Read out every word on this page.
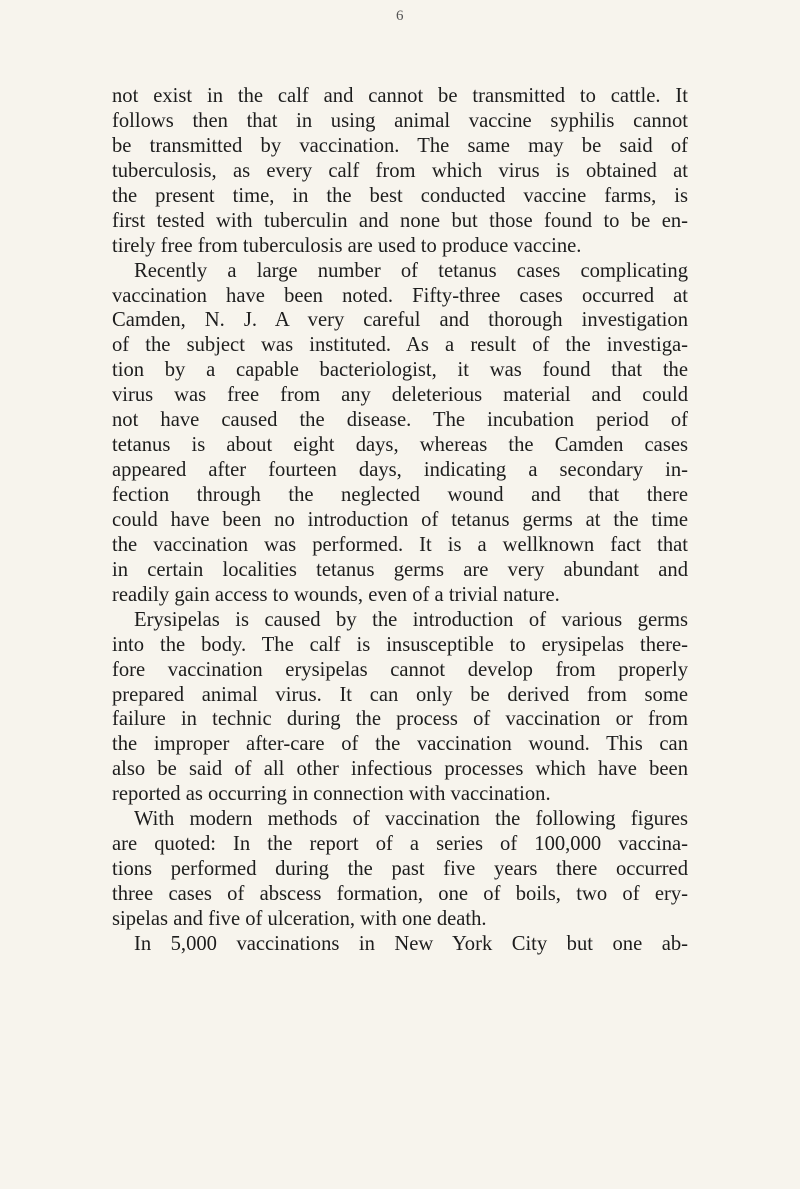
6
not exist in the calf and cannot be transmitted to cattle. It
follows then that in using animal vaccine syphilis cannot
be transmitted by vaccination. The same may be said of
tuberculosis, as every calf from which virus is obtained at
the present time, in the best conducted vaccine farms, is
first tested with tuberculin and none but those found to be en-
tirely free from tuberculosis are used to produce vaccine.
Recently a large number of tetanus cases complicating
vaccination have been noted. Fifty-three cases occurred at
Camden, N. J. A very careful and thorough investigation
of the subject was instituted. As a result of the investiga-
tion by a capable bacteriologist, it was found that the
virus was free from any deleterious material and could
not have caused the disease. The incubation period of
tetanus is about eight days, whereas the Camden cases
appeared after fourteen days, indicating a secondary in-
fection through the neglected wound and that there
could have been no introduction of tetanus germs at the time
the vaccination was performed. It is a wellknown fact that
in certain localities tetanus germs are very abundant and
readily gain access to wounds, even of a trivial nature.
Erysipelas is caused by the introduction of various germs
into the body. The calf is insusceptible to erysipelas there-
fore vaccination erysipelas cannot develop from properly
prepared animal virus. It can only be derived from some
failure in technic during the process of vaccination or from
the improper after-care of the vaccination wound. This can
also be said of all other infectious processes which have been
reported as occurring in connection with vaccination.
With modern methods of vaccination the following figures
are quoted: In the report of a series of 100,000 vaccina-
tions performed during the past five years there occurred
three cases of abscess formation, one of boils, two of ery-
sipelas and five of ulceration, with one death.
In 5,000 vaccinations in New York City but one ab-
